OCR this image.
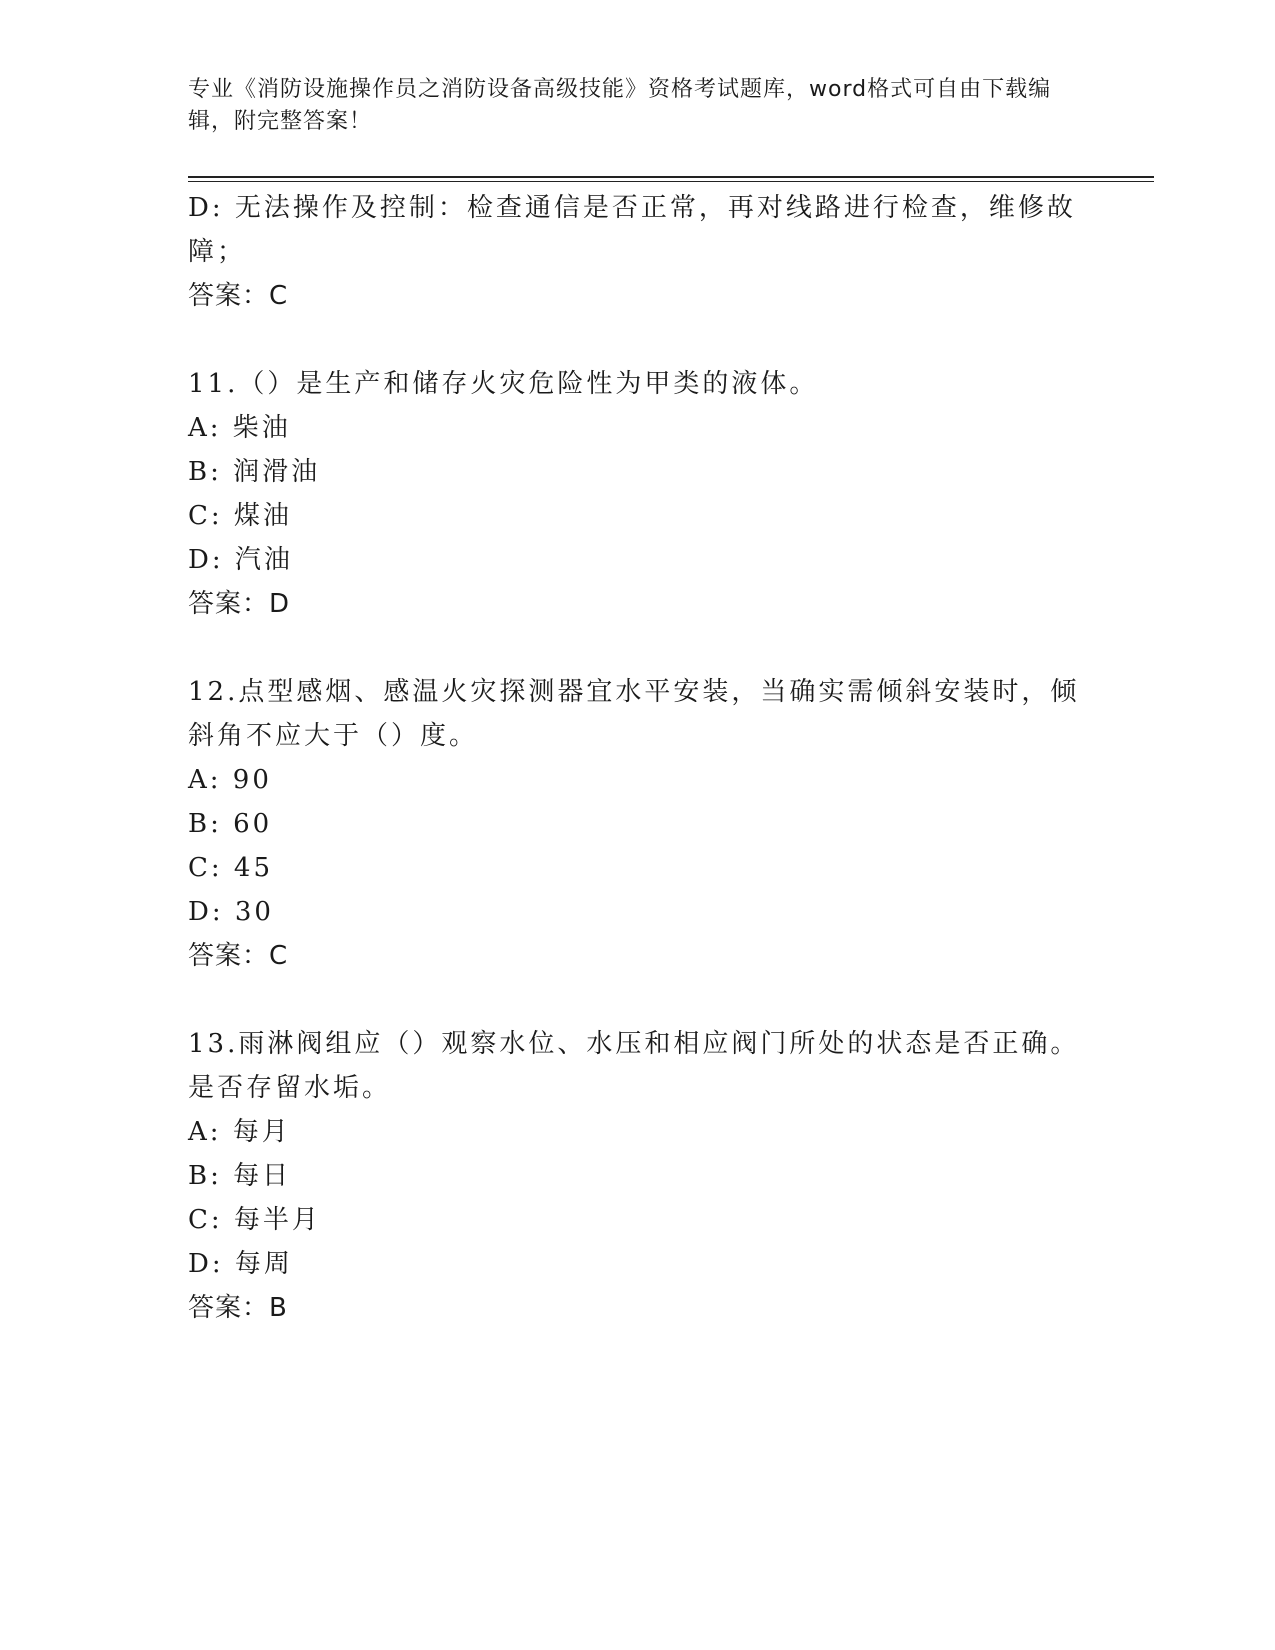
专业《消防设施操作员之消防设备高级技能》资格考试题库，word格式可自由下载编辑，附完整答案！
D: 无法操作及控制：检查通信是否正常，再对线路进行检查，维修故
障；
答案：C
11.（）是生产和储存火灾危险性为甲类的液体。
A: 柴油
B: 润滑油
C: 煤油
D: 汽油
答案：D
12.点型感烟、感温火灾探测器宜水平安装，当确实需倾斜安装时，倾
斜角不应大于（）度。
A: 90
B: 60
C: 45
D: 30
答案：C
13.雨淋阀组应（）观察水位、水压和相应阀门所处的状态是否正确。
是否存留水垢。
A: 每月
B: 每日
C: 每半月
D: 每周
答案：B
